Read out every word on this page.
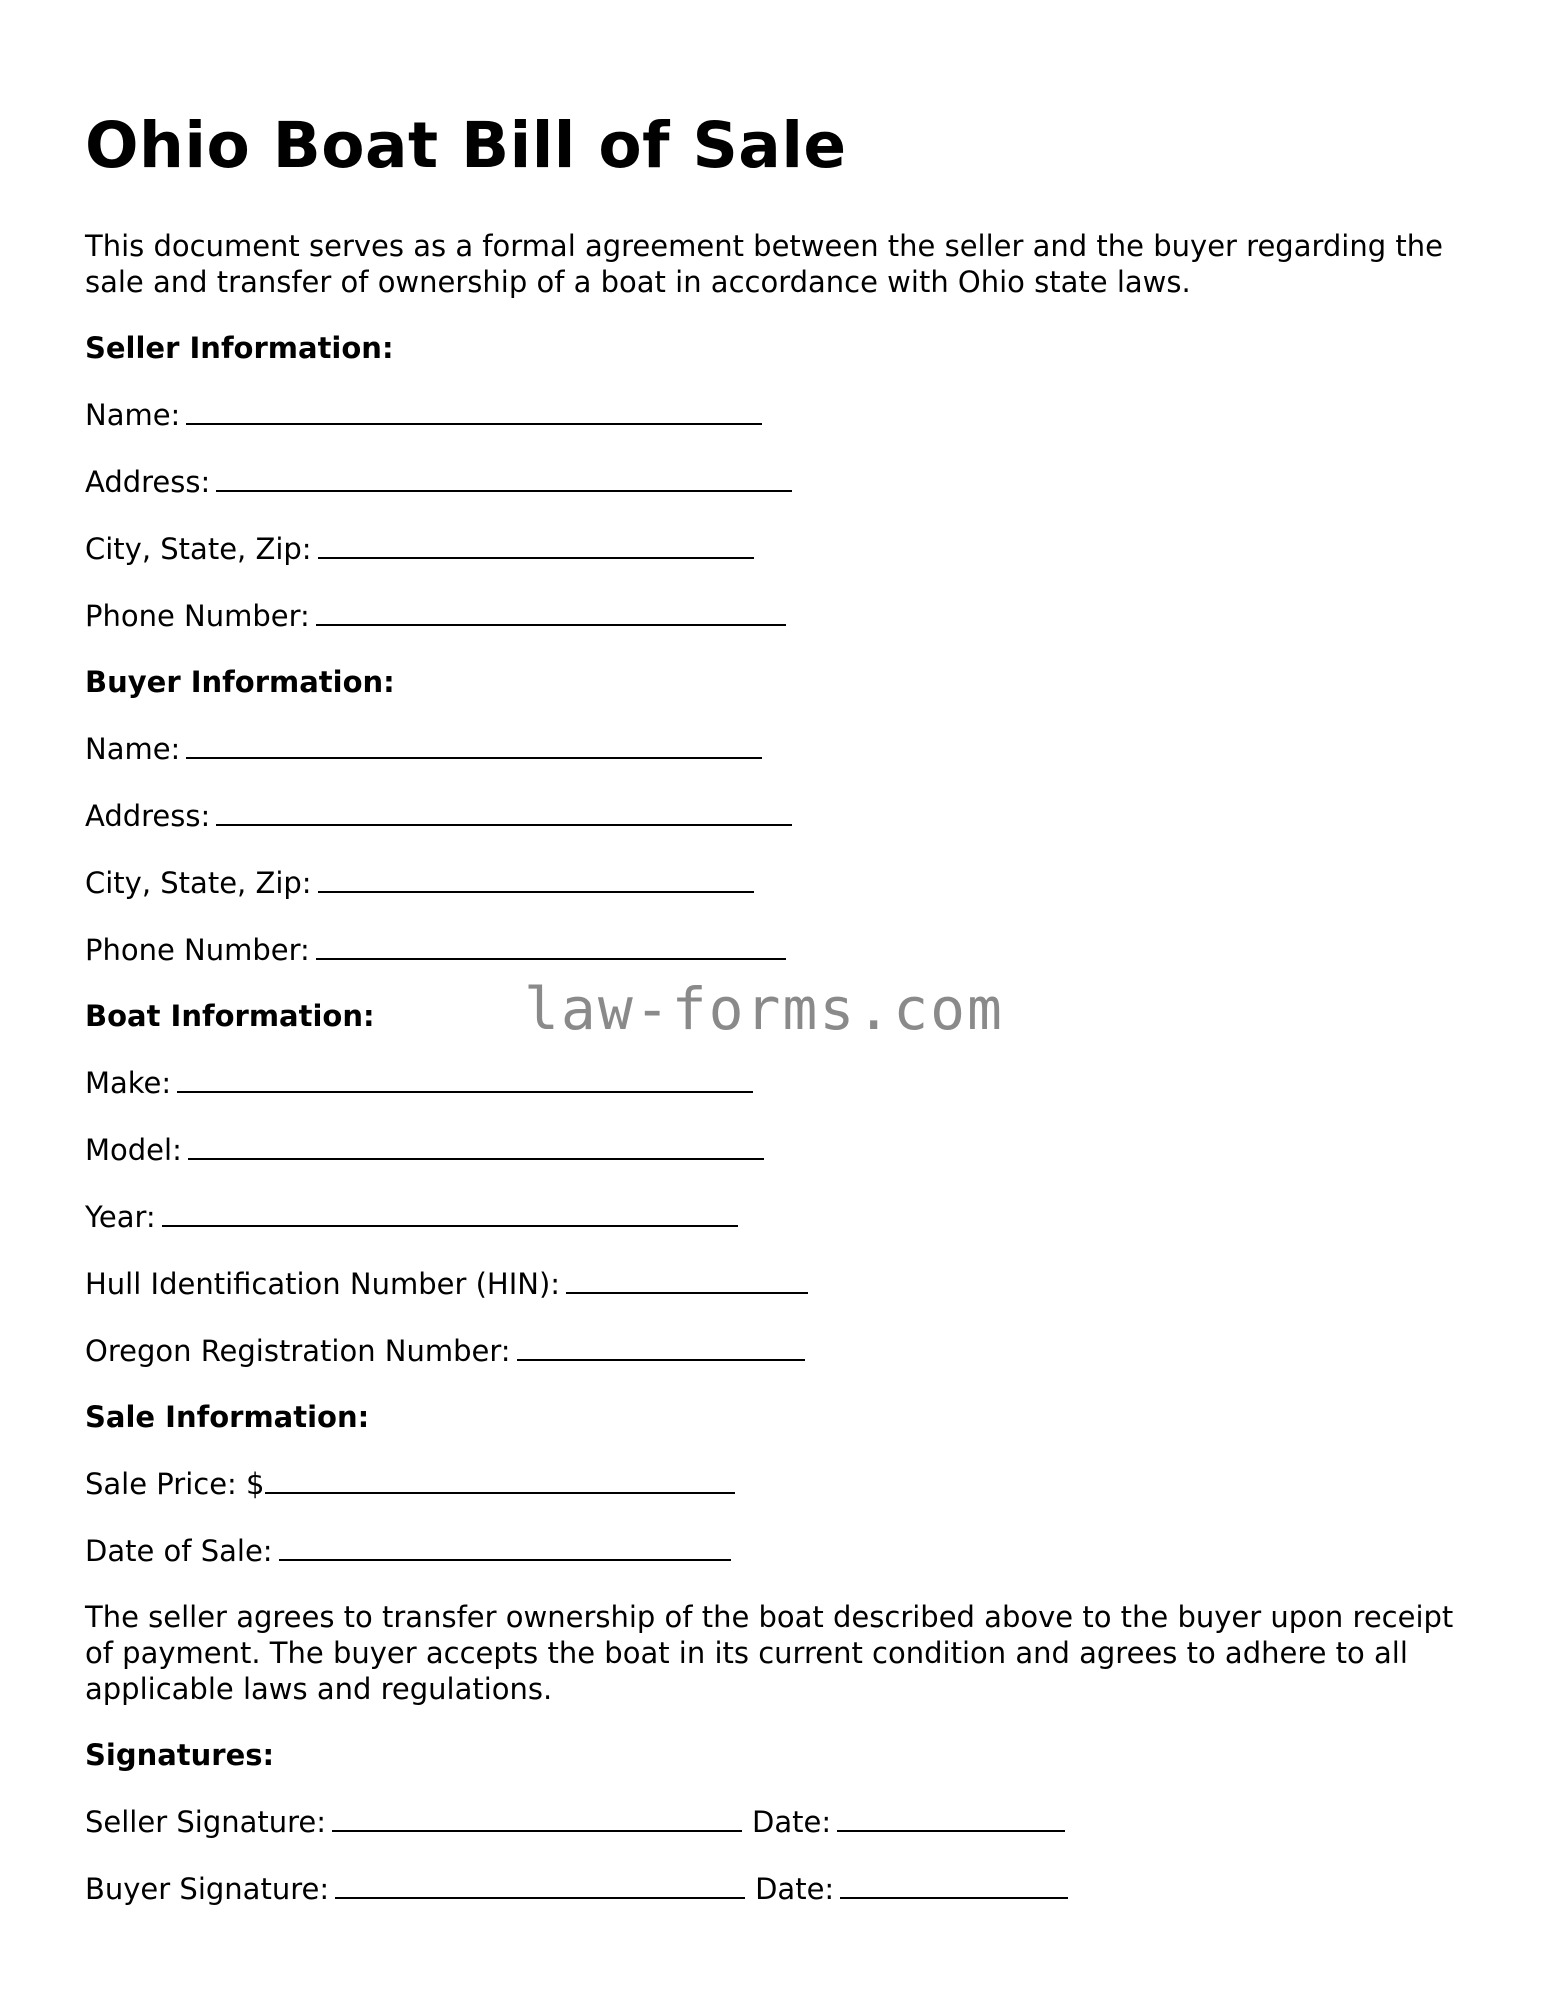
Ohio Boat Bill of Sale
This document serves as a formal agreement between the seller and the buyer regarding the sale and transfer of ownership of a boat in accordance with Ohio state laws.
Seller Information:
Name:
Address:
City, State, Zip:
Phone Number:
Buyer Information:
Name:
Address:
City, State, Zip:
Phone Number:
Boat Information:
Make:
Model:
Year:
Hull Identification Number (HIN):
Oregon Registration Number:
Sale Information:
Sale Price: $
Date of Sale:
The seller agrees to transfer ownership of the boat described above to the buyer upon receipt of payment. The buyer accepts the boat in its current condition and agrees to adhere to all applicable laws and regulations.
Signatures:
Seller Signature:	Date:
Buyer Signature:	Date:
law-forms.com
